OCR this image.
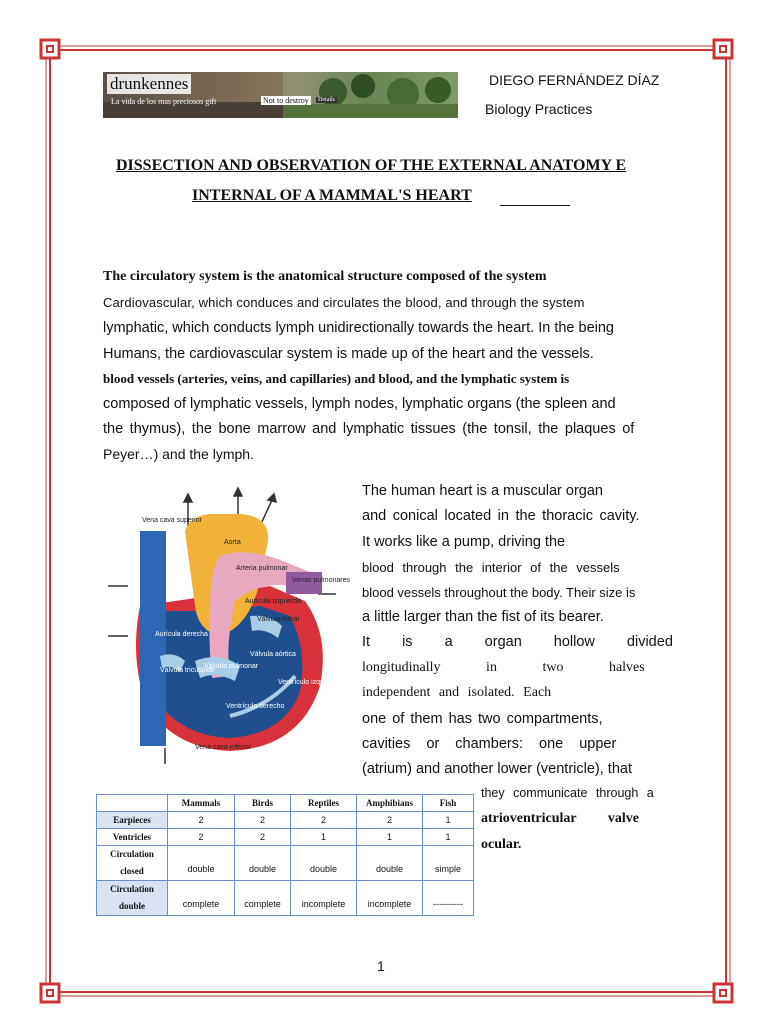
drunkennes
La vida de los mas preciosos gift	Not to destroy	Details
DIEGO FERNÁNDEZ DÍAZ
Biology Practices
DISSECTION AND OBSERVATION OF THE EXTERNAL ANATOMY E
INTERNAL OF A MAMMAL'S HEART
The circulatory system is the anatomical structure composed of the system
Cardiovascular, which conduces and circulates the blood, and through the system
lymphatic, which conducts lymph unidirectionally towards the heart. In the being
Humans, the cardiovascular system is made up of the heart and the vessels.
blood vessels (arteries, veins, and capillaries) and blood, and the lymphatic system is
composed of lymphatic vessels, lymph nodes, lymphatic organs (the spleen and
the thymus), the bone marrow and lymphatic tissues (the tonsil, the plaques of
Peyer…) and the lymph.
Vena cava superior
Aorta
Arteria pulmonar
Venas pulmonares
Aurícula izquierda
Válvula mitral
Aurícula derecha
Válvula aórtica
Válvula tricúspide
Válvula pulmonar
Ventrículo izquierdo
Ventrículo derecho
Vena cava inferior
The human heart is a muscular organ
and conical located in the thoracic cavity.
It works like a pump, driving the
blood through the interior of the vessels
blood vessels throughout the body. Their size is
a little larger than the fist of its bearer.
It is a organ hollow divided
longitudinally in two halves
independent and isolated. Each
one of them has two compartments,
cavities or chambers: one upper
(atrium) and another lower (ventricle), that
they communicate through a
atrioventricular valve
ocular.
	Mammals	Birds	Reptiles	Amphibians	Fish
Earpieces	2	2	2	2	1
Ventricles	2	2	1	1	1
Circulation
closed	double	double	double	double	simple
Circulation
double	complete	complete	incomplete	incomplete	----------
1
